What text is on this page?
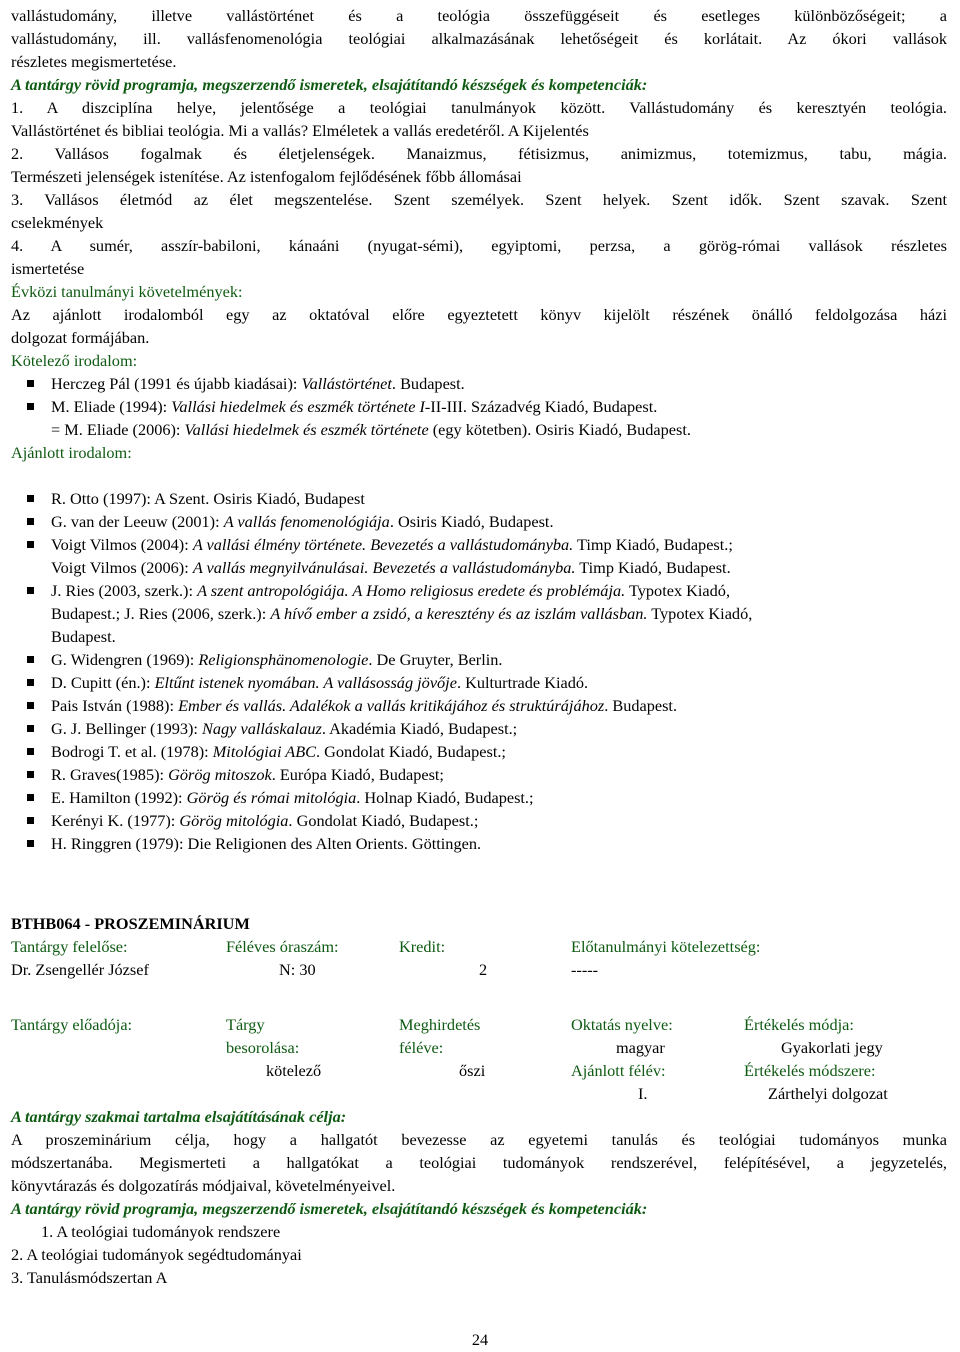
vallástudomány, illetve vallástörténet és a teológia összefüggéseit és esetleges különbözőségeit; a
vallástudomány, ill. vallásfenomenológia teológiai alkalmazásának lehetőségeit és korlátait. Az ókori vallások
részletes megismertetése.
A tantárgy rövid programja, megszerzendő ismeretek, elsajátítandó készségek és kompetenciák:
1. A diszciplína helye, jelentősége a teológiai tanulmányok között. Vallástudomány és keresztyén teológia.
Vallástörténet és bibliai teológia. Mi a vallás? Elméletek a vallás eredetéről. A Kijelentés
2. Vallásos fogalmak és életjelenségek. Manaizmus, fétisizmus, animizmus, totemizmus, tabu, mágia.
Természeti jelenségek istenítése. Az istenfogalom fejlődésének főbb állomásai
3. Vallásos életmód az élet megszentelése. Szent személyek. Szent helyek. Szent idők. Szent szavak. Szent
cselekmények
4. A sumér, asszír-babiloni, kánaáni (nyugat-sémi), egyiptomi, perzsa, a görög-római vallások részletes
ismertetése
Évközi tanulmányi követelmények:
Az ajánlott irodalomból egy az oktatóval előre egyeztetett könyv kijelölt részének önálló feldolgozása házi
dolgozat formájában.
Kötelező irodalom:
Herczeg Pál (1991 és újabb kiadásai): Vallástörténet. Budapest.
M. Eliade (1994): Vallási hiedelmek és eszmék története I-II-III. Századvég Kiadó, Budapest.
= M. Eliade (2006): Vallási hiedelmek és eszmék története (egy kötetben). Osiris Kiadó, Budapest.
Ajánlott irodalom:
R. Otto (1997): A Szent. Osiris Kiadó, Budapest
G. van der Leeuw (2001): A vallás fenomenológiája. Osiris Kiadó, Budapest.
Voigt Vilmos (2004): A vallási élmény története. Bevezetés a vallástudományba. Timp Kiadó, Budapest.;
Voigt Vilmos (2006): A vallás megnyilvánulásai. Bevezetés a vallástudományba. Timp Kiadó, Budapest.
J. Ries (2003, szerk.): A szent antropológiája. A Homo religiosus eredete és problémája. Typotex Kiadó,
Budapest.; J. Ries (2006, szerk.): A hívő ember a zsidó, a keresztény és az iszlám vallásban. Typotex Kiadó,
Budapest.
G. Widengren (1969): Religionsphänomenologie. De Gruyter, Berlin.
D. Cupitt (én.): Eltűnt istenek nyomában. A vallásosság jövője. Kulturtrade Kiadó.
Pais István (1988): Ember és vallás. Adalékok a vallás kritikájához és struktúrájához. Budapest.
G. J. Bellinger (1993): Nagy valláskalauz. Akadémia Kiadó, Budapest.;
Bodrogi T. et al. (1978): Mitológiai ABC. Gondolat Kiadó, Budapest.;
R. Graves(1985): Görög mitoszok. Európa Kiadó, Budapest;
E. Hamilton (1992): Görög és római mitológia. Holnap Kiadó, Budapest.;
Kerényi K. (1977): Görög mitológia. Gondolat Kiadó, Budapest.;
H. Ringgren (1979): Die Religionen des Alten Orients. Göttingen.
BTHB064 - PROSZEMINÁRIUM
Tantárgy felelőse:
Dr. Zsengellér József
Féléves óraszám:
N: 30
Kredit:
2
Előtanulmányi kötelezettség:
-----
Tantárgy előadója:	Tárgy
besorolása:
kötelező
Meghirdetés
féléve:
őszi
Oktatás nyelve:
magyar
Ajánlott félév:
I.
Értékelés módja:
Gyakorlati jegy
Értékelés módszere:
Zárthelyi dolgozat
A tantárgy szakmai tartalma elsajátításának célja:
A proszeminárium célja, hogy a hallgatót bevezesse az egyetemi tanulás és teológiai tudományos munka
módszertanába. Megismerteti a hallgatókat a teológiai tudományok rendszerével, felépítésével, a jegyzetelés,
könyvtárazás és dolgozatírás módjaival, követelményeivel.
A tantárgy rövid programja, megszerzendő ismeretek, elsajátítandó készségek és kompetenciák:
1. A teológiai tudományok rendszere
2. A teológiai tudományok segédtudományai
3. Tanulásmódszertan A
24
